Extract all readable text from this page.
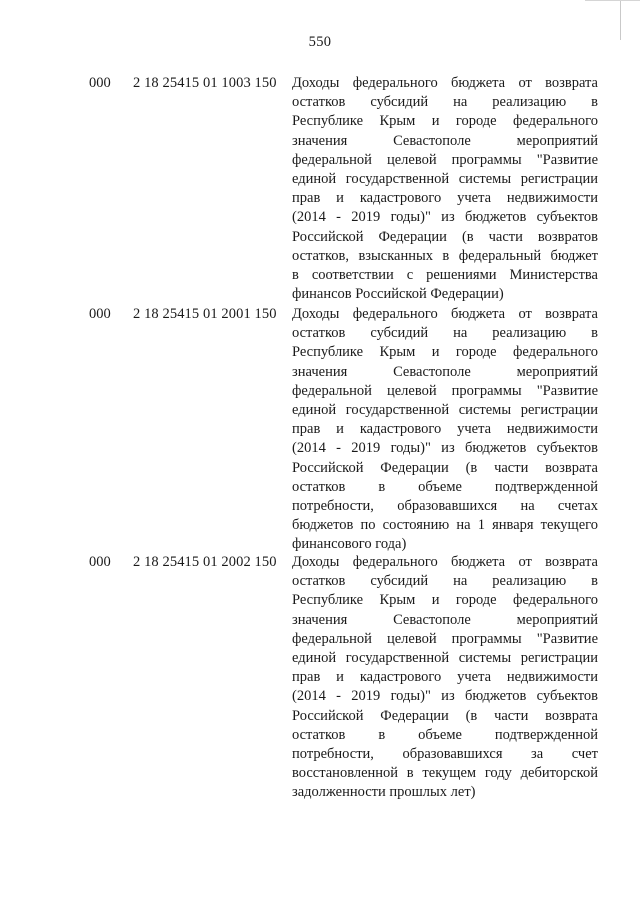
550
000 2 18 25415 01 1003 150 Доходы федерального бюджета от возврата
остатков субсидий на реализацию в
Республике Крым и городе федерального
значения Севастополе мероприятий
федеральной целевой программы "Развитие
единой государственной системы регистрации
прав и кадастрового учета недвижимости
(2014 - 2019 годы)" из бюджетов субъектов
Российской Федерации (в части возвратов
остатков, взысканных в федеральный бюджет
в соответствии с решениями Министерства
финансов Российской Федерации)
000 2 18 25415 01 2001 150 Доходы федерального бюджета от возврата
остатков субсидий на реализацию в
Республике Крым и городе федерального
значения Севастополе мероприятий
федеральной целевой программы "Развитие
единой государственной системы регистрации
прав и кадастрового учета недвижимости
(2014 - 2019 годы)" из бюджетов субъектов
Российской Федерации (в части возврата
остатков в объеме подтвержденной
потребности, образовавшихся на счетах
бюджетов по состоянию на 1 января текущего
финансового года)
000 2 18 25415 01 2002 150 Доходы федерального бюджета от возврата
остатков субсидий на реализацию в
Республике Крым и городе федерального
значения Севастополе мероприятий
федеральной целевой программы "Развитие
единой государственной системы регистрации
прав и кадастрового учета недвижимости
(2014 - 2019 годы)" из бюджетов субъектов
Российской Федерации (в части возврата
остатков в объеме подтвержденной
потребности, образовавшихся за счет
восстановленной в текущем году дебиторской
задолженности прошлых лет)
